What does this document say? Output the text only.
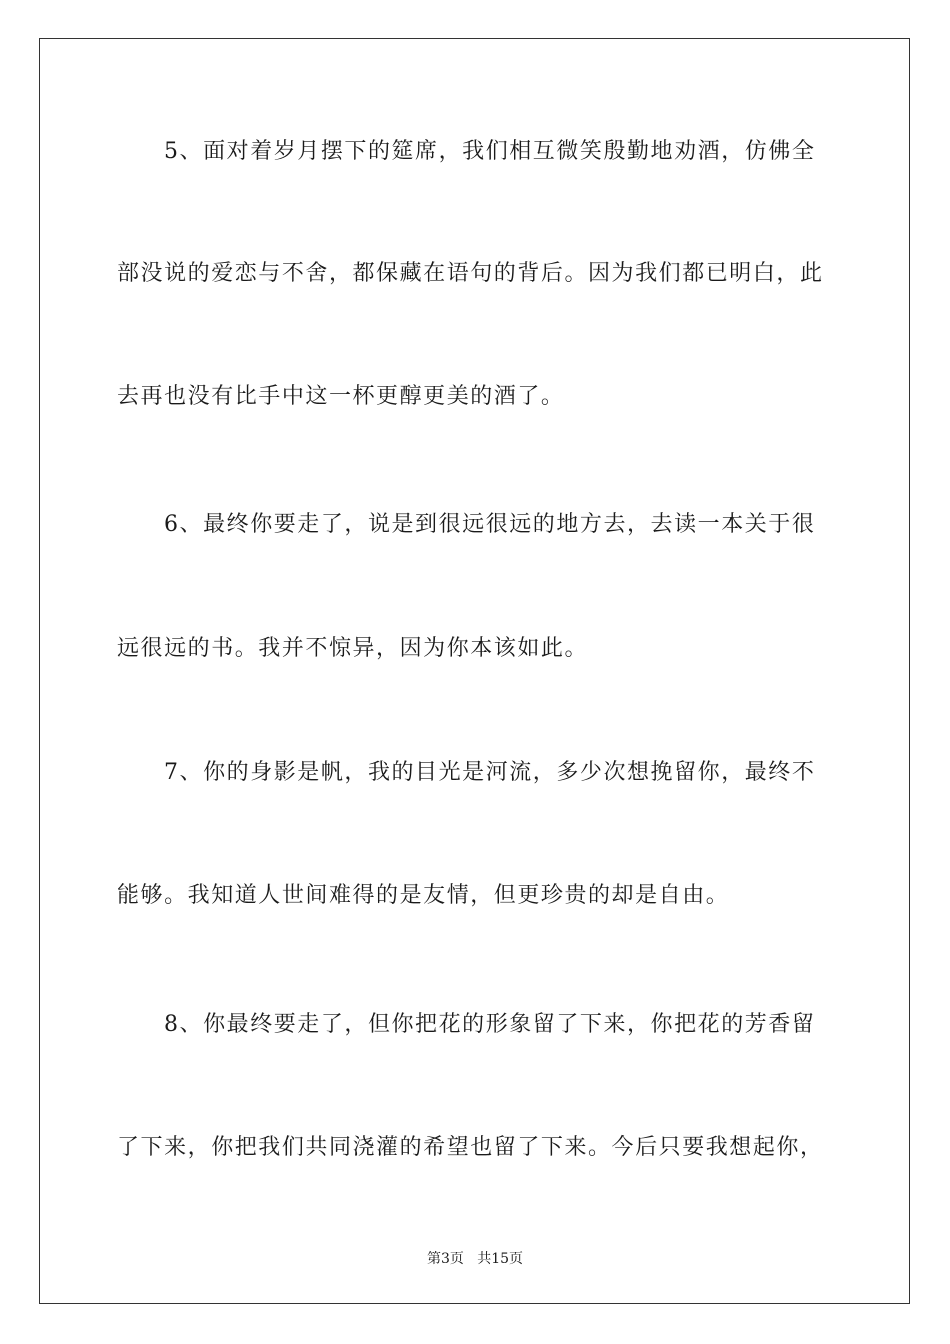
5、面对着岁月摆下的筵席，我们相互微笑殷勤地劝酒，仿佛全
部没说的爱恋与不舍，都保藏在语句的背后。因为我们都已明白，此
去再也没有比手中这一杯更醇更美的酒了。
6、最终你要走了，说是到很远很远的地方去，去读一本关于很
远很远的书。我并不惊异，因为你本该如此。
7、你的身影是帆，我的目光是河流，多少次想挽留你，最终不
能够。我知道人世间难得的是友情，但更珍贵的却是自由。
8、你最终要走了，但你把花的形象留了下来，你把花的芳香留
了下来，你把我们共同浇灌的希望也留了下来。今后只要我想起你，
第3页   共15页
